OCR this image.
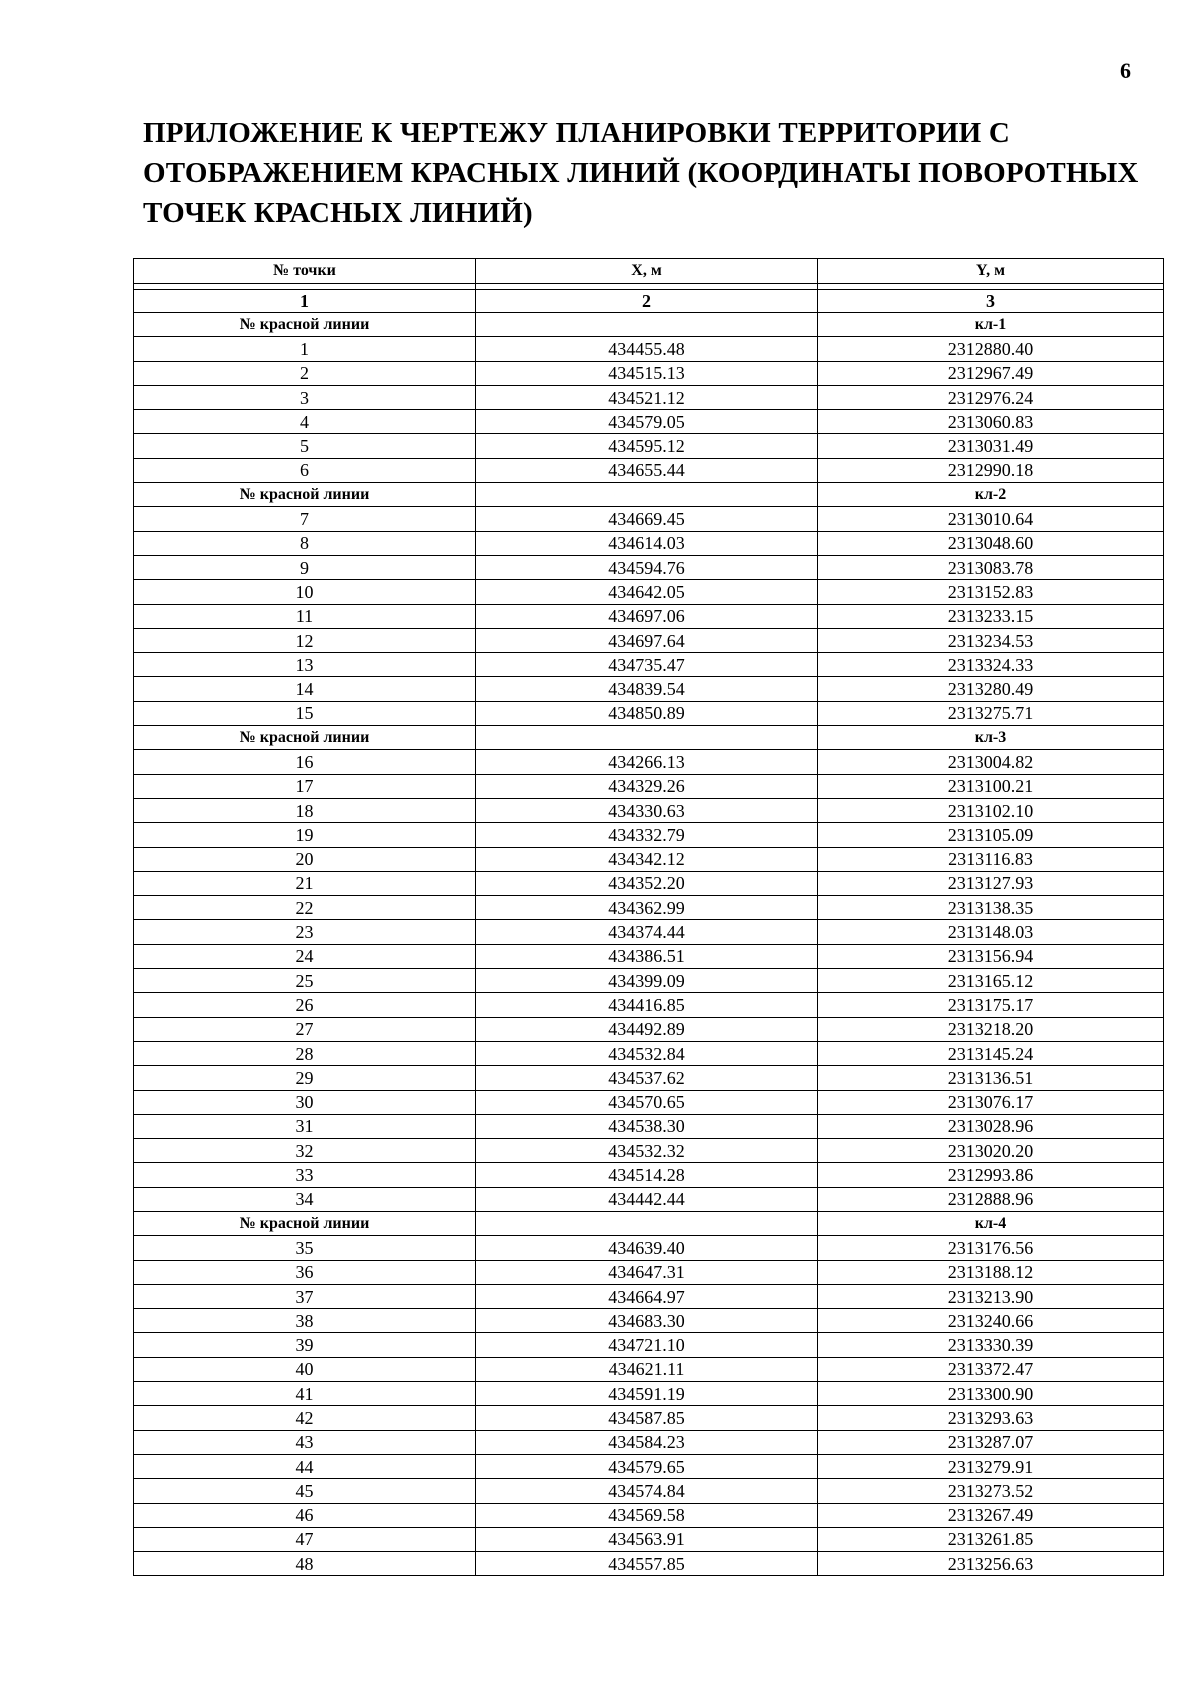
6
ПРИЛОЖЕНИЕ К ЧЕРТЕЖУ ПЛАНИРОВКИ ТЕРРИТОРИИ С
ОТОБРАЖЕНИЕМ КРАСНЫХ ЛИНИЙ (КООРДИНАТЫ ПОВОРОТНЫХ
ТОЧЕК КРАСНЫХ ЛИНИЙ)
№ точки	X, м	Y, м

1	2	3
№ красной линии		кл-1
1	434455.48	2312880.40
2	434515.13	2312967.49
3	434521.12	2312976.24
4	434579.05	2313060.83
5	434595.12	2313031.49
6	434655.44	2312990.18
№ красной линии		кл-2
7	434669.45	2313010.64
8	434614.03	2313048.60
9	434594.76	2313083.78
10	434642.05	2313152.83
11	434697.06	2313233.15
12	434697.64	2313234.53
13	434735.47	2313324.33
14	434839.54	2313280.49
15	434850.89	2313275.71
№ красной линии		кл-3
16	434266.13	2313004.82
17	434329.26	2313100.21
18	434330.63	2313102.10
19	434332.79	2313105.09
20	434342.12	2313116.83
21	434352.20	2313127.93
22	434362.99	2313138.35
23	434374.44	2313148.03
24	434386.51	2313156.94
25	434399.09	2313165.12
26	434416.85	2313175.17
27	434492.89	2313218.20
28	434532.84	2313145.24
29	434537.62	2313136.51
30	434570.65	2313076.17
31	434538.30	2313028.96
32	434532.32	2313020.20
33	434514.28	2312993.86
34	434442.44	2312888.96
№ красной линии		кл-4
35	434639.40	2313176.56
36	434647.31	2313188.12
37	434664.97	2313213.90
38	434683.30	2313240.66
39	434721.10	2313330.39
40	434621.11	2313372.47
41	434591.19	2313300.90
42	434587.85	2313293.63
43	434584.23	2313287.07
44	434579.65	2313279.91
45	434574.84	2313273.52
46	434569.58	2313267.49
47	434563.91	2313261.85
48	434557.85	2313256.63
